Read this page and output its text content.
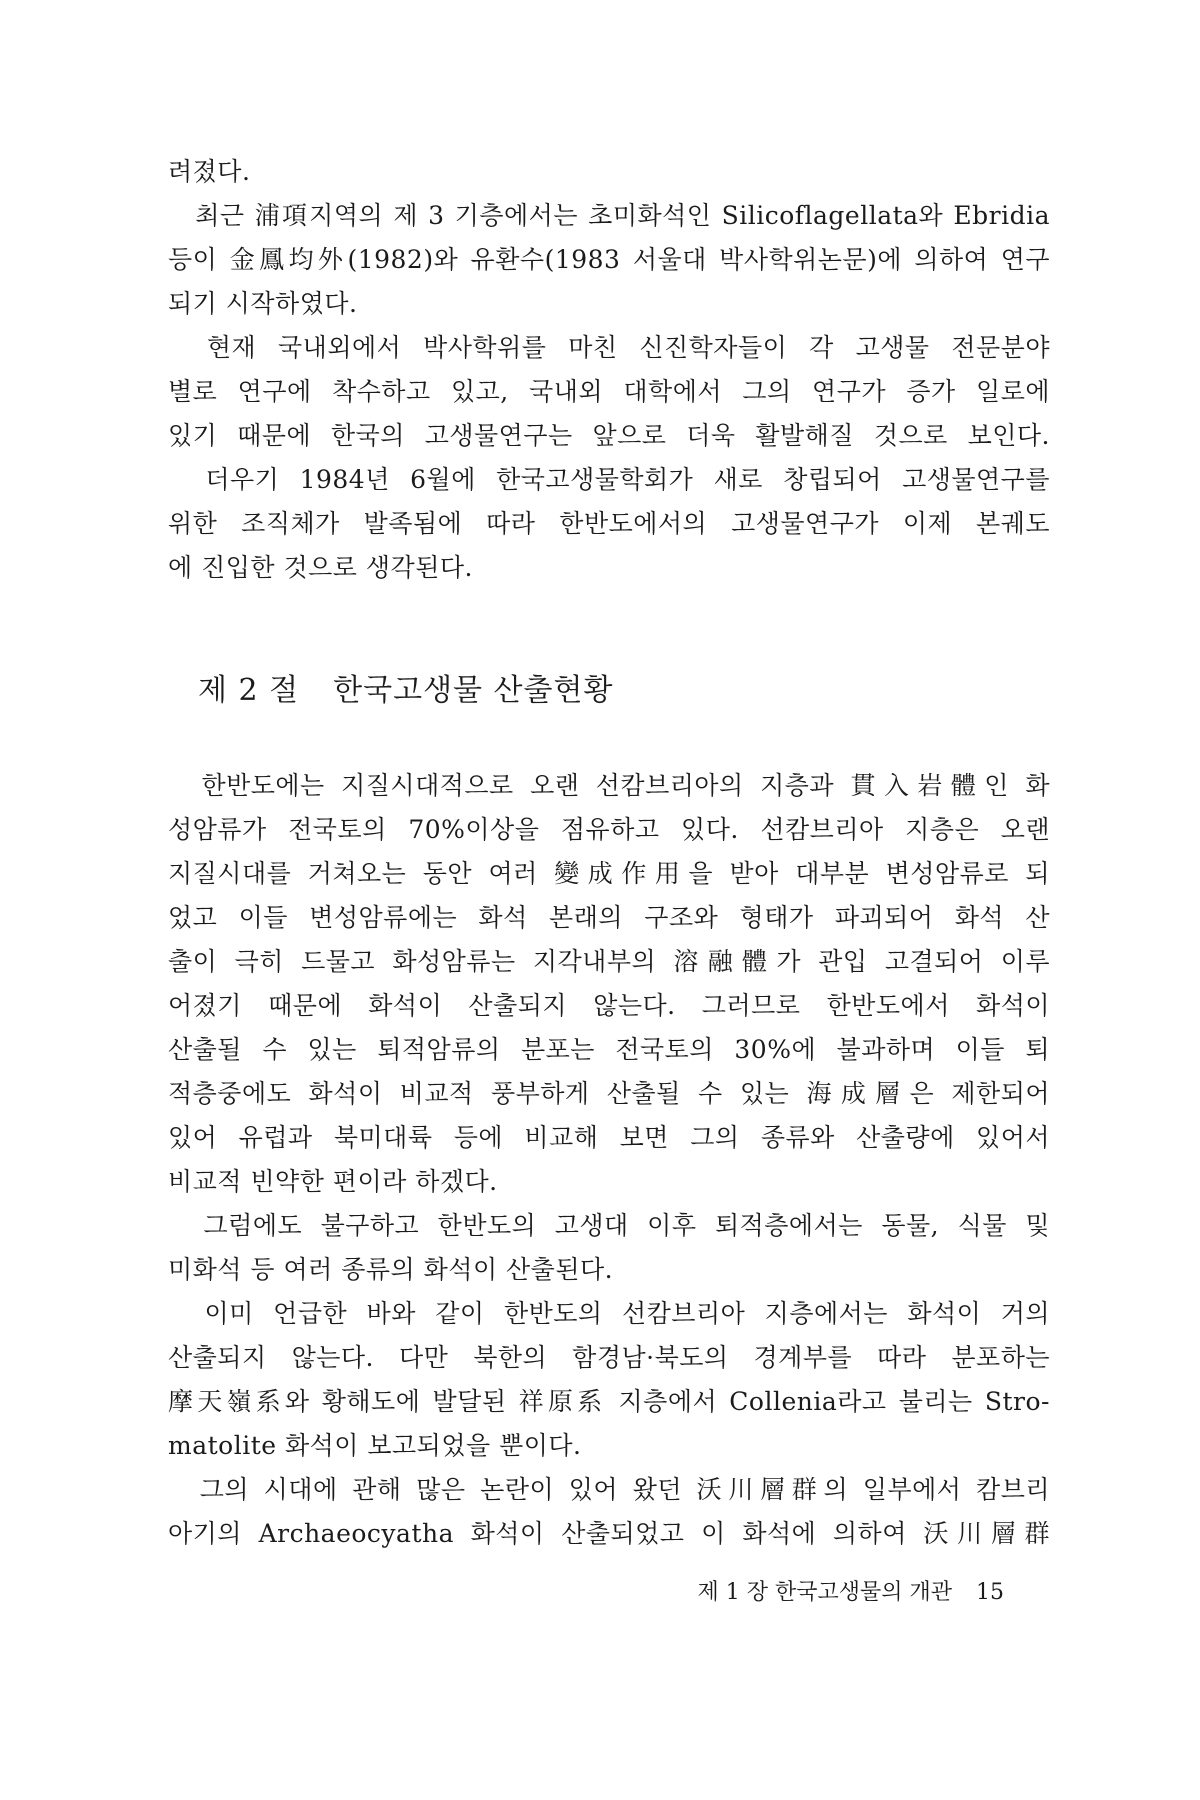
려졌다.
　최근 浦項지역의 제 3 기층에서는 초미화석인 Silicoflagellata와 Ebridia
등이 金鳳均外(1982)와 유환수(1983 서울대 박사학위논문)에 의하여 연구
되기 시작하였다.
　현재 국내외에서 박사학위를 마친 신진학자들이 각 고생물 전문분야
별로 연구에 착수하고 있고, 국내외 대학에서 그의 연구가 증가 일로에
있기 때문에 한국의 고생물연구는 앞으로 더욱 활발해질 것으로 보인다.
　더우기 1984년 6월에 한국고생물학회가 새로 창립되어 고생물연구를
위한 조직체가 발족됨에 따라 한반도에서의 고생물연구가 이제 본궤도
에 진입한 것으로 생각된다.
제 2 절 한국고생물 산출현황
　한반도에는 지질시대적으로 오랜 선캄브리아의 지층과 貫入岩體인 화
성암류가 전국토의 70%이상을 점유하고 있다. 선캄브리아 지층은 오랜
지질시대를 거쳐오는 동안 여러 變成作用을 받아 대부분 변성암류로 되
었고 이들 변성암류에는 화석 본래의 구조와 형태가 파괴되어 화석 산
출이 극히 드물고 화성암류는 지각내부의 溶融體가 관입 고결되어 이루
어졌기 때문에 화석이 산출되지 않는다. 그러므로 한반도에서 화석이
산출될 수 있는 퇴적암류의 분포는 전국토의 30%에 불과하며 이들 퇴
적층중에도 화석이 비교적 풍부하게 산출될 수 있는 海成層은 제한되어
있어 유럽과 북미대륙 등에 비교해 보면 그의 종류와 산출량에 있어서
비교적 빈약한 편이라 하겠다.
　그럼에도 불구하고 한반도의 고생대 이후 퇴적층에서는 동물, 식물 및
미화석 등 여러 종류의 화석이 산출된다.
　이미 언급한 바와 같이 한반도의 선캄브리아 지층에서는 화석이 거의
산출되지 않는다. 다만 북한의 함경남·북도의 경계부를 따라 분포하는
摩天嶺系와 황해도에 발달된 祥原系 지층에서 Collenia라고 불리는 Stro-
matolite 화석이 보고되었을 뿐이다.
　그의 시대에 관해 많은 논란이 있어 왔던 沃川層群의 일부에서 캄브리
아기의 Archaeocyatha 화석이 산출되었고 이 화석에 의하여 沃川層群
제 1 장 한국고생물의 개관 15
